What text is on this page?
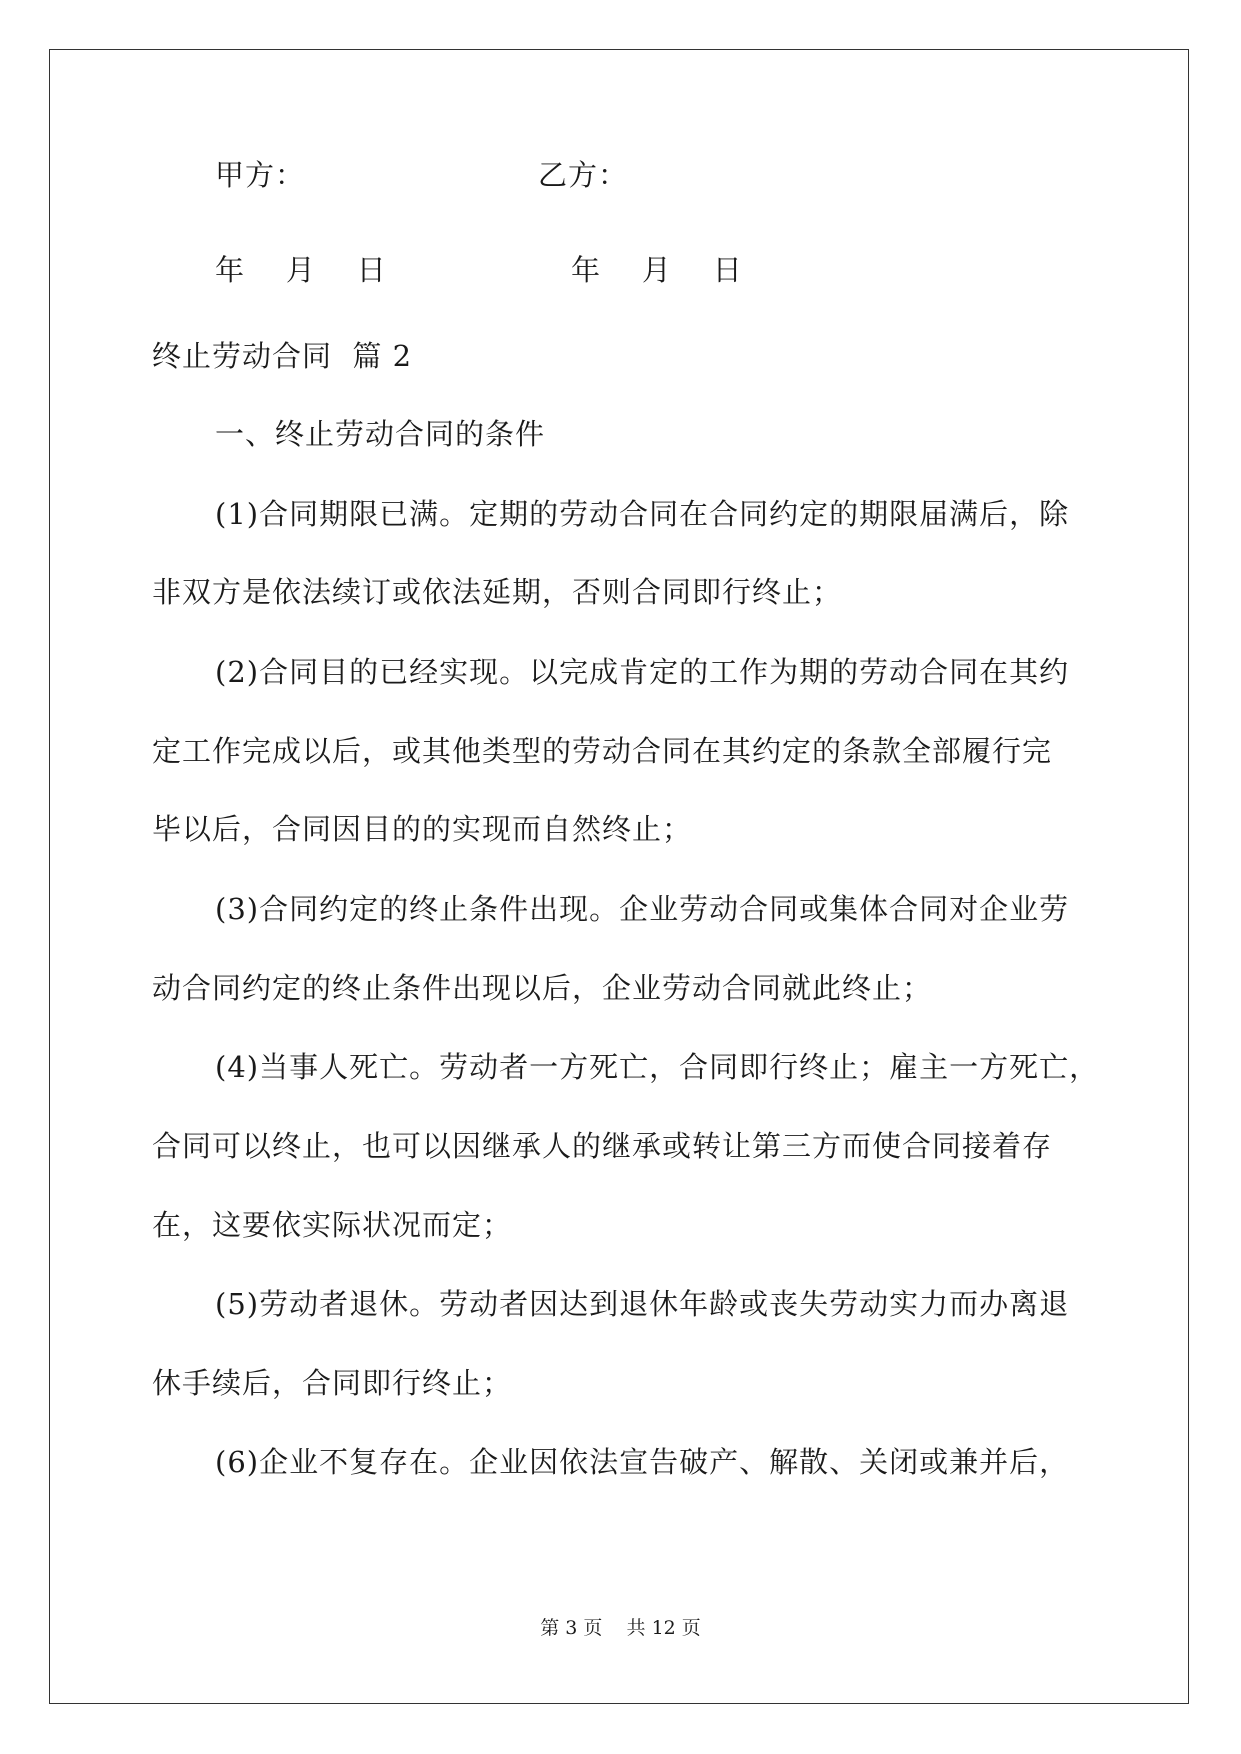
甲方：	乙方：
年    月    日	年    月    日
终止劳动合同  篇 2
一、终止劳动合同的条件
(1)合同期限已满。定期的劳动合同在合同约定的期限届满后，除
非双方是依法续订或依法延期，否则合同即行终止；
(2)合同目的已经实现。以完成肯定的工作为期的劳动合同在其约
定工作完成以后，或其他类型的劳动合同在其约定的条款全部履行完
毕以后，合同因目的的实现而自然终止；
(3)合同约定的终止条件出现。企业劳动合同或集体合同对企业劳
动合同约定的终止条件出现以后，企业劳动合同就此终止；
(4)当事人死亡。劳动者一方死亡，合同即行终止；雇主一方死亡，
合同可以终止，也可以因继承人的继承或转让第三方而使合同接着存
在，这要依实际状况而定；
(5)劳动者退休。劳动者因达到退休年龄或丧失劳动实力而办离退
休手续后，合同即行终止；
(6)企业不复存在。企业因依法宣告破产、解散、关闭或兼并后，
第 3 页    共 12 页
